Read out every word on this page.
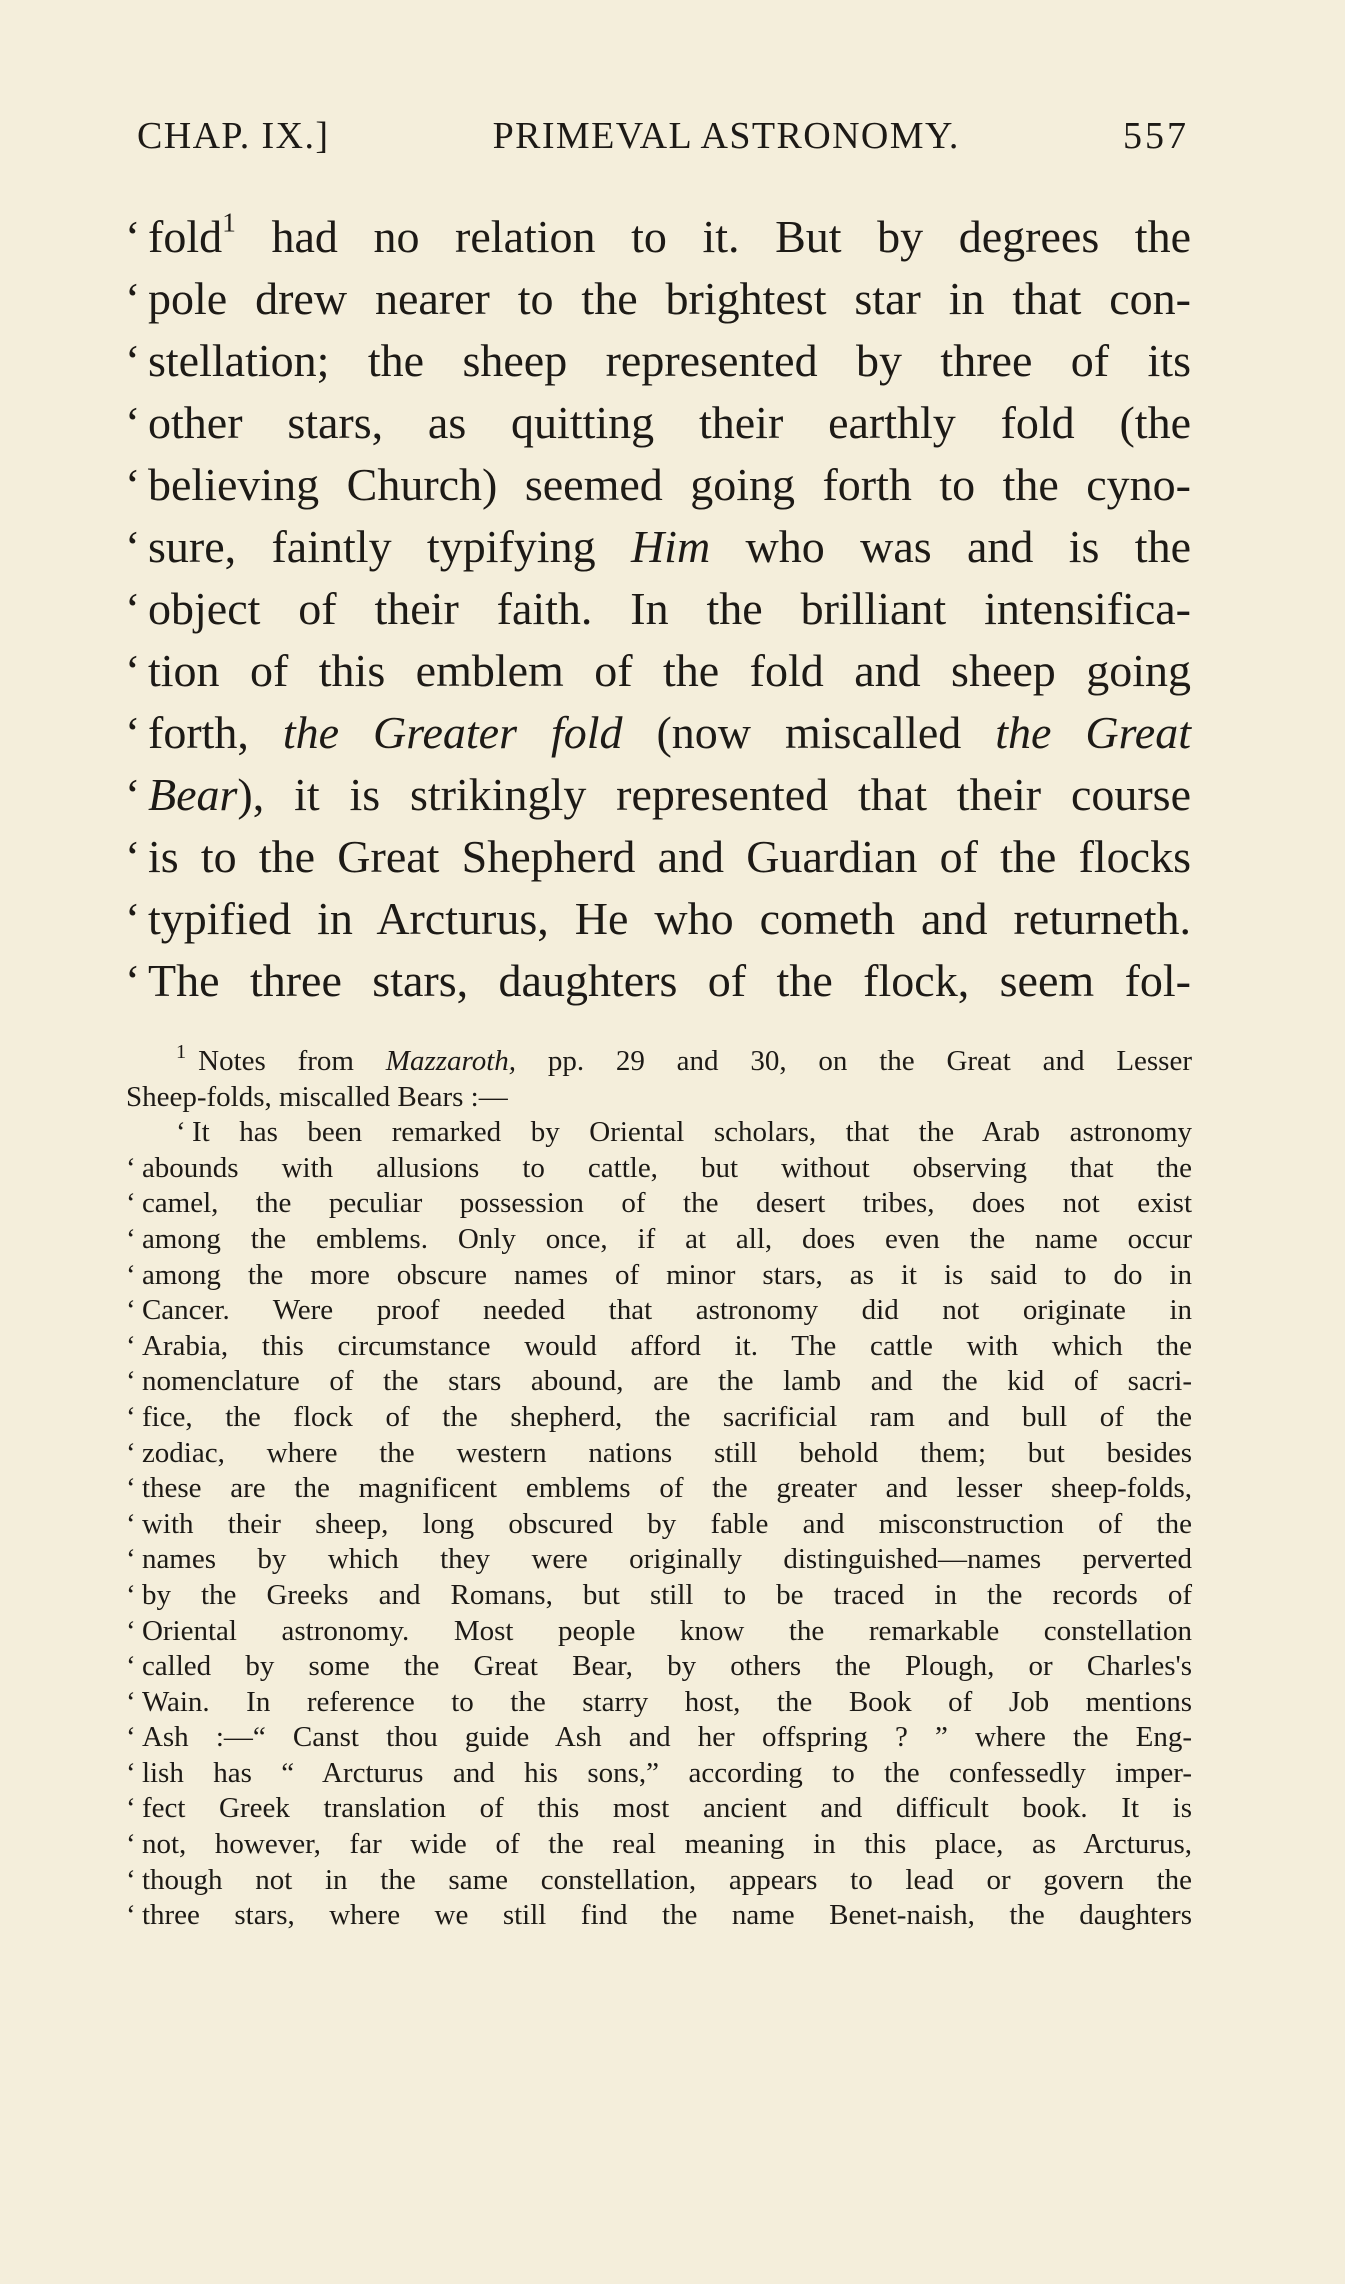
CHAP. IX.]	PRIMEVAL ASTRONOMY.	557
‘ fold$^1$ had no relation to it. But by degrees the
‘ pole drew nearer to the brightest star in that con-
‘ stellation; the sheep represented by three of its
‘ other stars, as quitting their earthly fold (the
‘ believing Church) seemed going forth to the cyno-
‘ sure, faintly typifying Him who was and is the
‘ object of their faith. In the brilliant intensifica-
‘ tion of this emblem of the fold and sheep going
‘ forth, the Greater fold (now miscalled the Great
‘ Bear), it is strikingly represented that their course
‘ is to the Great Shepherd and Guardian of the flocks
‘ typified in Arcturus, He who cometh and returneth.
‘ The three stars, daughters of the flock, seem fol-
$^1$ Notes from Mazzaroth, pp. 29 and 30, on the Great and Lesser
Sheep-folds, miscalled Bears :—
‘ It has been remarked by Oriental scholars, that the Arab astronomy
‘ abounds with allusions to cattle, but without observing that the
‘ camel, the peculiar possession of the desert tribes, does not exist
‘ among the emblems. Only once, if at all, does even the name occur
‘ among the more obscure names of minor stars, as it is said to do in
‘ Cancer. Were proof needed that astronomy did not originate in
‘ Arabia, this circumstance would afford it. The cattle with which the
‘ nomenclature of the stars abound, are the lamb and the kid of sacri-
‘ fice, the flock of the shepherd, the sacrificial ram and bull of the
‘ zodiac, where the western nations still behold them; but besides
‘ these are the magnificent emblems of the greater and lesser sheep-folds,
‘ with their sheep, long obscured by fable and misconstruction of the
‘ names by which they were originally distinguished—names perverted
‘ by the Greeks and Romans, but still to be traced in the records of
‘ Oriental astronomy. Most people know the remarkable constellation
‘ called by some the Great Bear, by others the Plough, or Charles's
‘ Wain. In reference to the starry host, the Book of Job mentions
‘ Ash :—“ Canst thou guide Ash and her offspring ? ” where the Eng-
‘ lish has “ Arcturus and his sons,” according to the confessedly imper-
‘ fect Greek translation of this most ancient and difficult book. It is
‘ not, however, far wide of the real meaning in this place, as Arcturus,
‘ though not in the same constellation, appears to lead or govern the
‘ three stars, where we still find the name Benet-naish, the daughters
